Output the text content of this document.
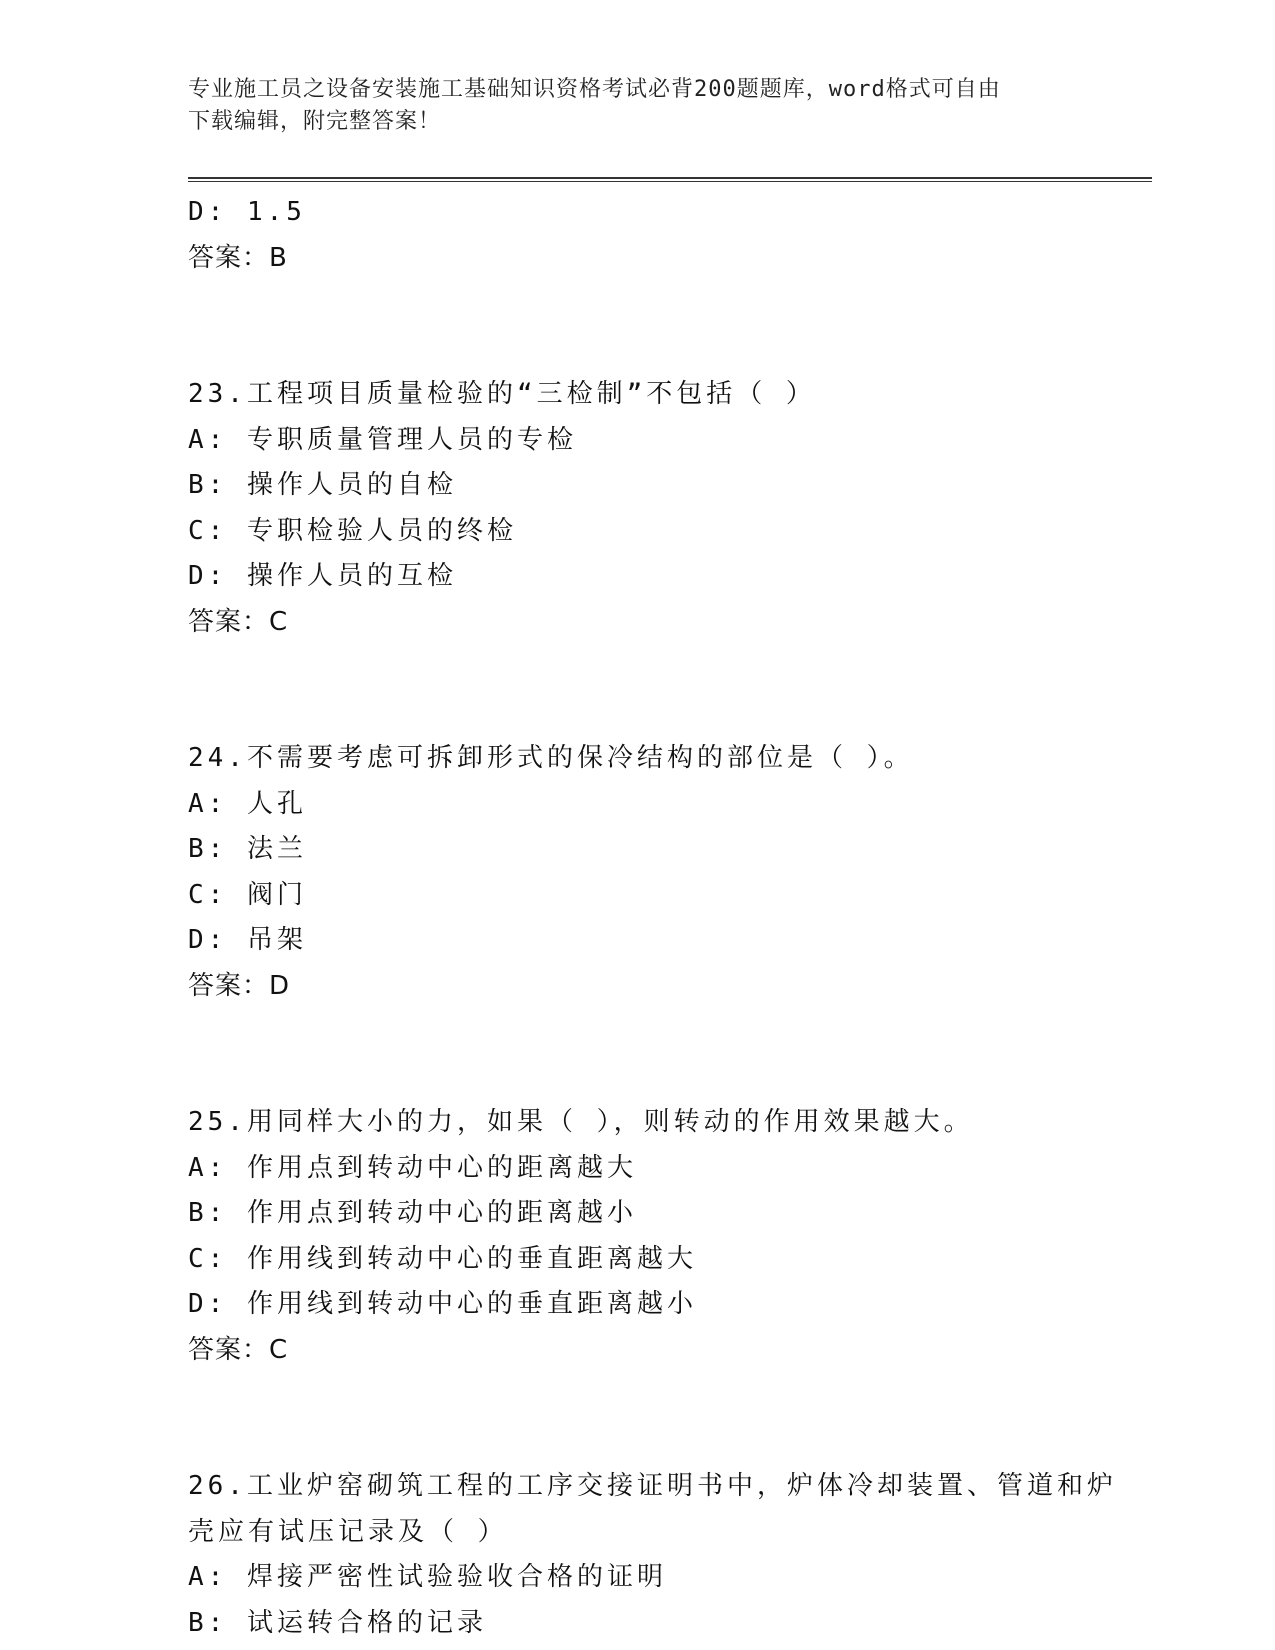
专业施工员之设备安装施工基础知识资格考试必背200题题库，word格式可自由
下载编辑，附完整答案！
D: 1.5
答案：B
23.工程项目质量检验的“三检制”不包括（ ）
A: 专职质量管理人员的专检
B: 操作人员的自检
C: 专职检验人员的终检
D: 操作人员的互检
答案：C
24.不需要考虑可拆卸形式的保冷结构的部位是（ ）。
A: 人孔
B: 法兰
C: 阀门
D: 吊架
答案：D
25.用同样大小的力，如果（ ），则转动的作用效果越大。
A: 作用点到转动中心的距离越大
B: 作用点到转动中心的距离越小
C: 作用线到转动中心的垂直距离越大
D: 作用线到转动中心的垂直距离越小
答案：C
26.工业炉窑砌筑工程的工序交接证明书中，炉体冷却装置、管道和炉
壳应有试压记录及（ ）
A: 焊接严密性试验验收合格的证明
B: 试运转合格的记录
